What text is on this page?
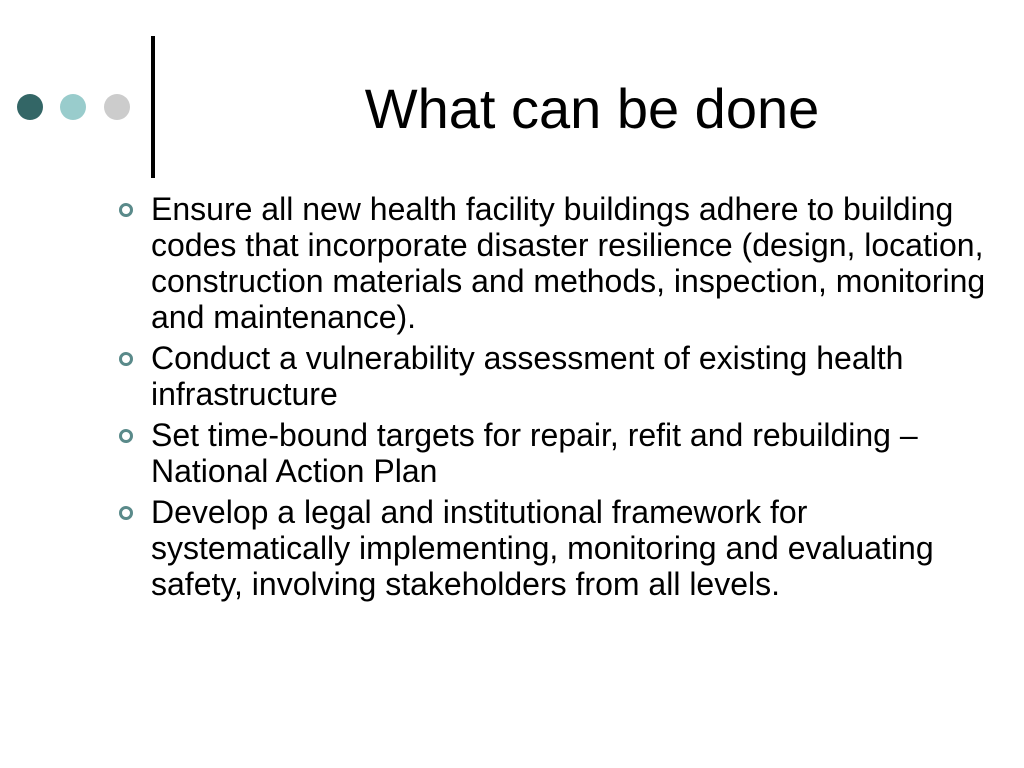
What can be done
Ensure all new health facility buildings adhere to building codes that incorporate disaster resilience (design, location, construction materials and methods, inspection, monitoring and maintenance).
Conduct a vulnerability assessment of existing health infrastructure
Set time-bound targets for repair, refit and rebuilding – National Action Plan
Develop a legal and institutional framework for systematically implementing, monitoring and evaluating safety, involving stakeholders from all levels.
